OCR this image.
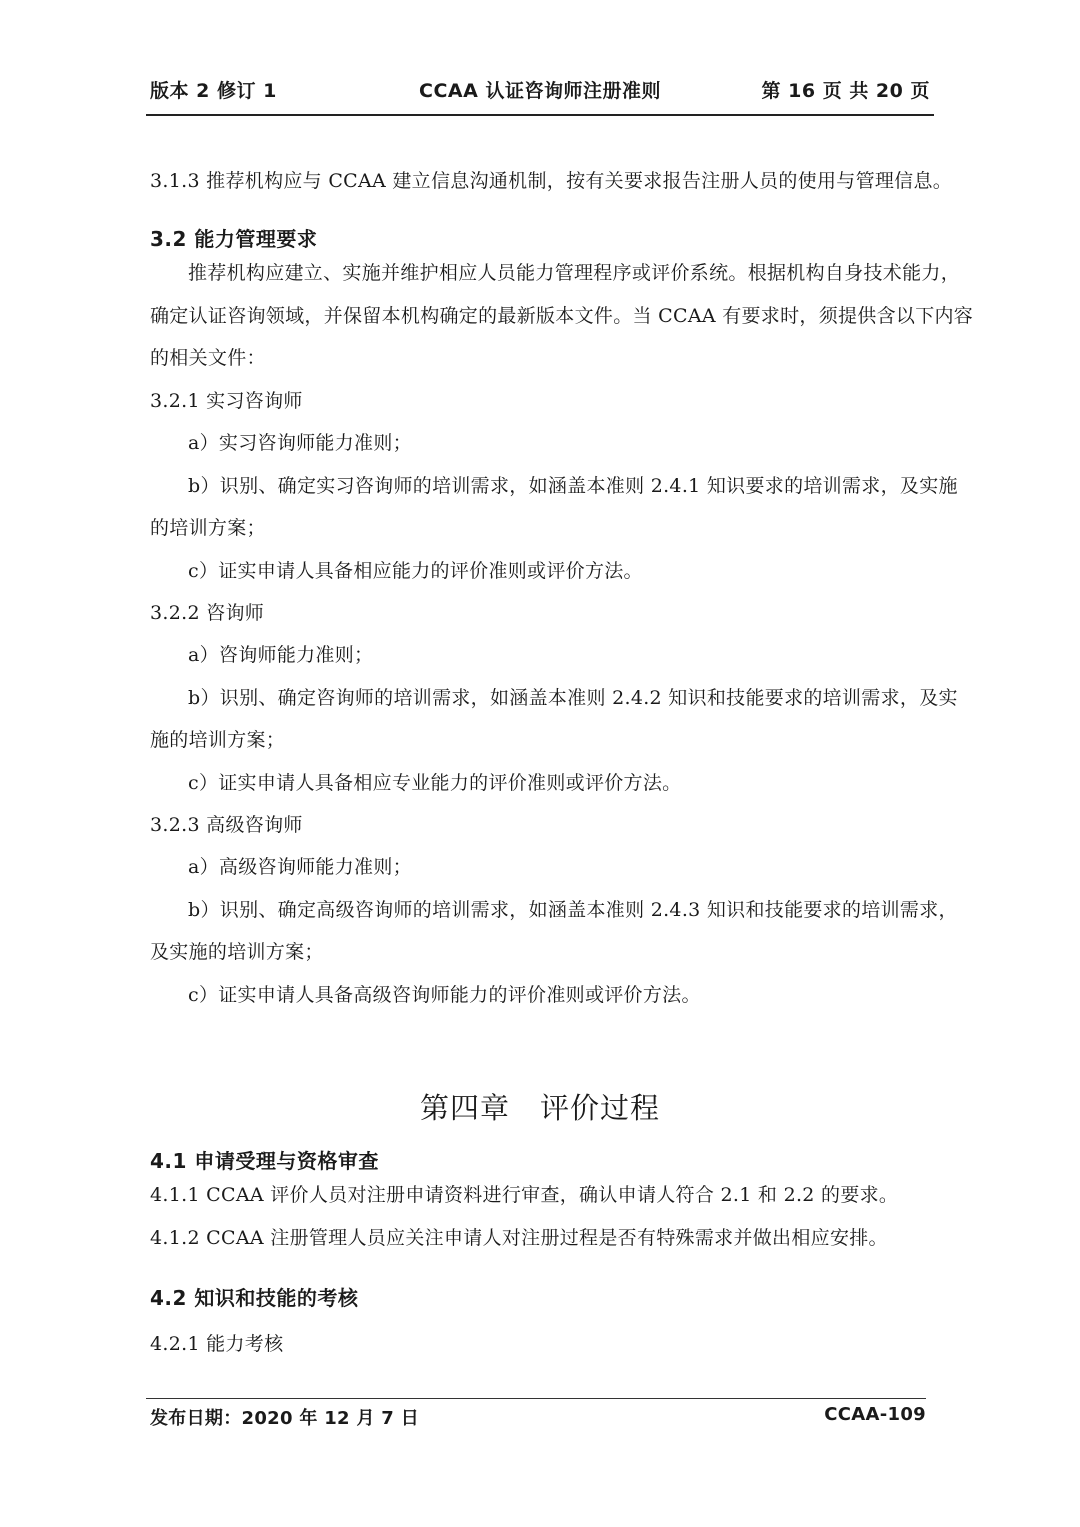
版本 2 修订 1	CCAA 认证咨询师注册准则	第 16 页 共 20 页
3.1.3 推荐机构应与 CCAA 建立信息沟通机制，按有关要求报告注册人员的使用与管理信息。
3.2 能力管理要求
推荐机构应建立、实施并维护相应人员能力管理程序或评价系统。根据机构自身技术能力，
确定认证咨询领域，并保留本机构确定的最新版本文件。当 CCAA 有要求时，须提供含以下内容
的相关文件：
3.2.1 实习咨询师
a）实习咨询师能力准则；
b）识别、确定实习咨询师的培训需求，如涵盖本准则 2.4.1 知识要求的培训需求，及实施
的培训方案；
c）证实申请人具备相应能力的评价准则或评价方法。
3.2.2 咨询师
a）咨询师能力准则；
b）识别、确定咨询师的培训需求，如涵盖本准则 2.4.2 知识和技能要求的培训需求，及实
施的培训方案；
c）证实申请人具备相应专业能力的评价准则或评价方法。
3.2.3 高级咨询师
a）高级咨询师能力准则；
b）识别、确定高级咨询师的培训需求，如涵盖本准则 2.4.3 知识和技能要求的培训需求，
及实施的培训方案；
c）证实申请人具备高级咨询师能力的评价准则或评价方法。
第四章　评价过程
4.1 申请受理与资格审查
4.1.1 CCAA 评价人员对注册申请资料进行审查，确认申请人符合 2.1 和 2.2 的要求。
4.1.2 CCAA 注册管理人员应关注申请人对注册过程是否有特殊需求并做出相应安排。
4.2 知识和技能的考核
4.2.1 能力考核
发布日期：2020 年 12 月 7 日	CCAA-109
